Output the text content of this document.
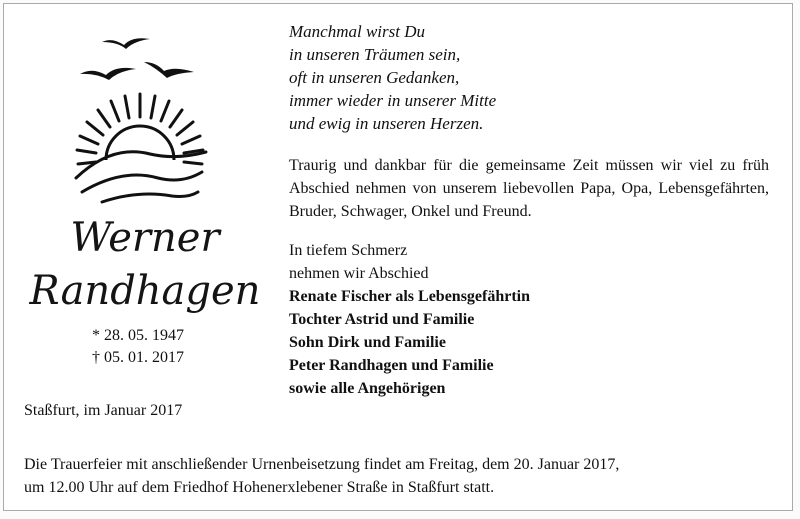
Werner
Randhagen
* 28. 05. 1947
† 05. 01. 2017
Manchmal wirst Du
in unseren Träumen sein,
oft in unseren Gedanken,
immer wieder in unserer Mitte
und ewig in unseren Herzen.
Traurig und dankbar für die gemeinsame Zeit müssen wir viel zu früh Abschied nehmen von unserem liebevollen Papa, Opa, Lebensgefährten, Bruder, Schwager, Onkel und Freund.
In tiefem Schmerz
nehmen wir Abschied
Renate Fischer als Lebensgefährtin
Tochter Astrid und Familie
Sohn Dirk und Familie
Peter Randhagen und Familie
sowie alle Angehörigen
Staßfurt, im Januar 2017
Die Trauerfeier mit anschließender Urnenbeisetzung findet am Freitag, dem 20. Januar 2017,
um 12.00 Uhr auf dem Friedhof Hohenerxlebener Straße in Staßfurt statt.
